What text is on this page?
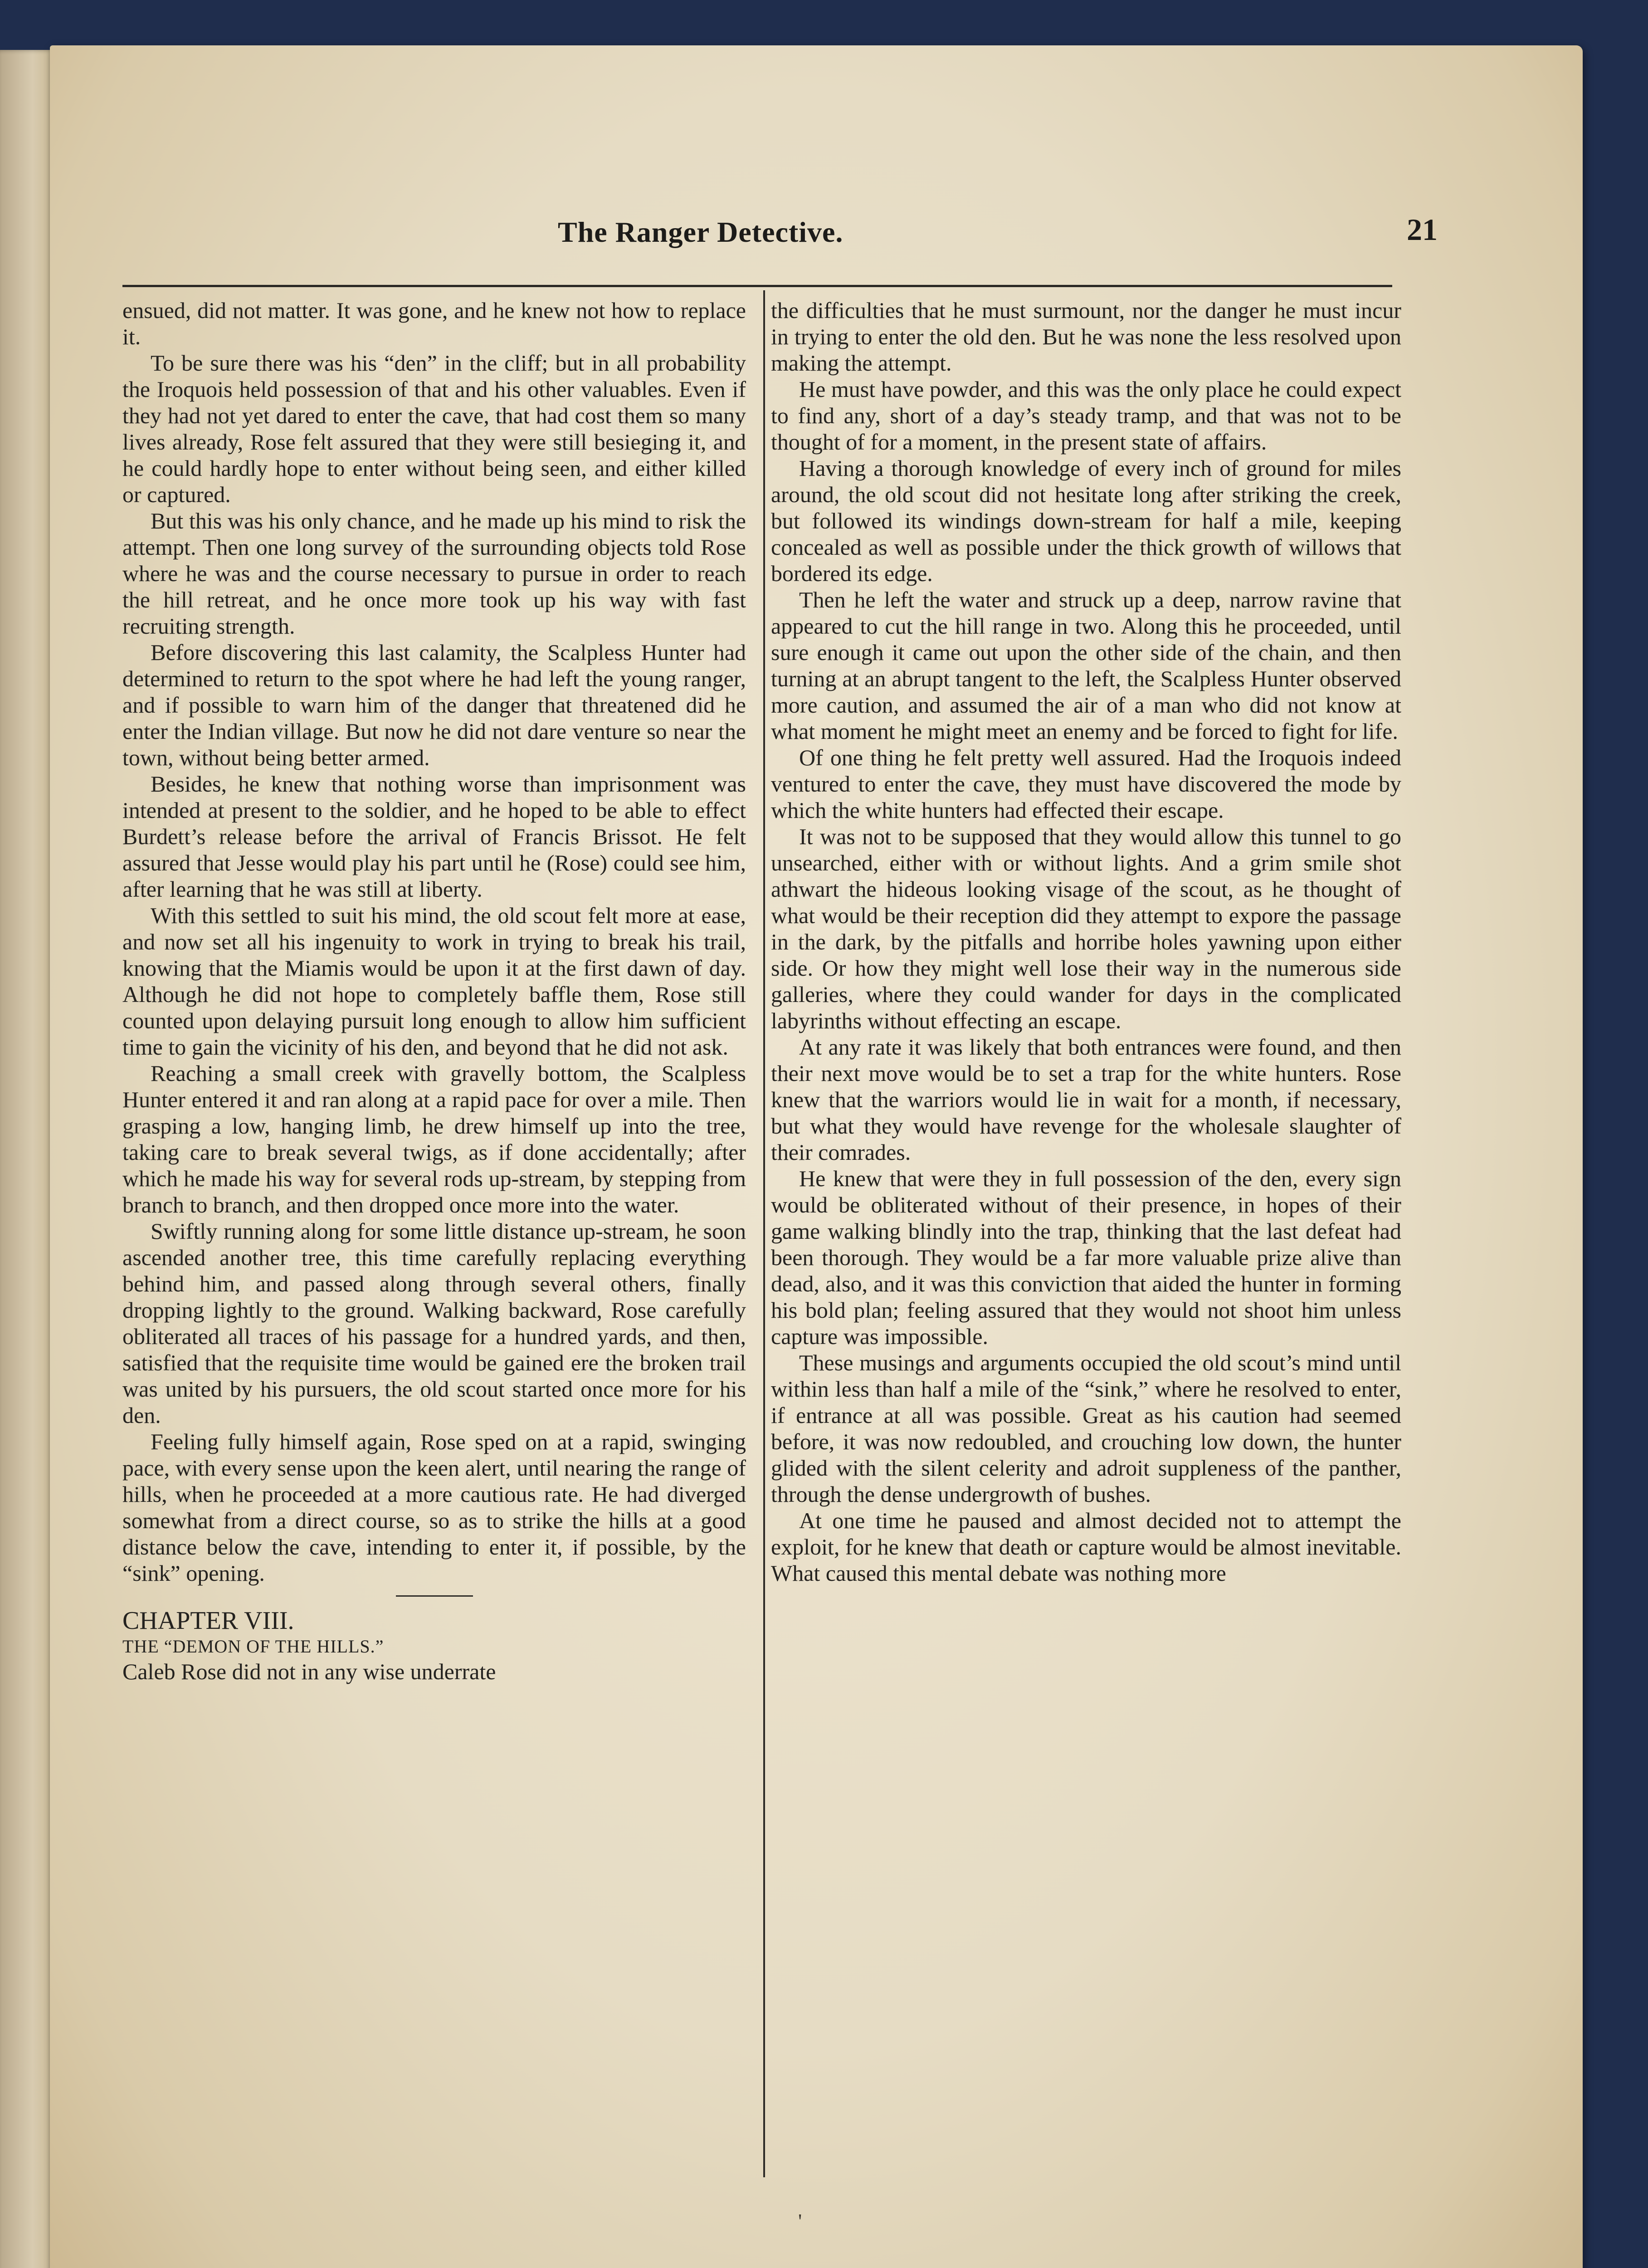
The Ranger Detective.	21

ensued, did not matter. It was gone, and he knew not how to replace it.

To be sure there was his “den” in the cliff; but in all probability the Iroquois held possession of that and his other valuables. Even if they had not yet dared to enter the cave, that had cost them so many lives already, Rose felt assured that they were still besieging it, and he could hardly hope to enter without being seen, and either killed or captured.

But this was his only chance, and he made up his mind to risk the attempt. Then one long survey of the surrounding objects told Rose where he was and the course necessary to pursue in order to reach the hill retreat, and he once more took up his way with fast recruiting strength.

Before discovering this last calamity, the Scalpless Hunter had determined to return to the spot where he had left the young ranger, and if possible to warn him of the danger that threatened did he enter the Indian village. But now he did not dare venture so near the town, without being better armed.

Besides, he knew that nothing worse than imprisonment was intended at present to the soldier, and he hoped to be able to effect Burdett’s release before the arrival of Francis Brissot. He felt assured that Jesse would play his part until he (Rose) could see him, after learning that he was still at liberty.

With this settled to suit his mind, the old scout felt more at ease, and now set all his ingenuity to work in trying to break his trail, knowing that the Miamis would be upon it at the first dawn of day. Although he did not hope to completely baffle them, Rose still counted upon delaying pursuit long enough to allow him sufficient time to gain the vicinity of his den, and beyond that he did not ask.

Reaching a small creek with gravelly bottom, the Scalpless Hunter entered it and ran along at a rapid pace for over a mile. Then grasping a low, hanging limb, he drew himself up into the tree, taking care to break several twigs, as if done accidentally; after which he made his way for several rods up-stream, by stepping from branch to branch, and then dropped once more into the water.

Swiftly running along for some little distance up-stream, he soon ascended another tree, this time carefully replacing everything behind him, and passed along through several others, finally dropping lightly to the ground. Walking backward, Rose carefully obliterated all traces of his passage for a hundred yards, and then, satisfied that the requisite time would be gained ere the broken trail was united by his pursuers, the old scout started once more for his den.

Feeling fully himself again, Rose sped on at a rapid, swinging pace, with every sense upon the keen alert, until nearing the range of hills, when he proceeded at a more cautious rate. He had diverged somewhat from a direct course, so as to strike the hills at a good distance below the cave, intending to enter it, if possible, by the “sink” opening.

CHAPTER VIII.

THE “DEMON OF THE HILLS.”

Caleb Rose did not in any wise underrate

the difficulties that he must surmount, nor the danger he must incur in trying to enter the old den. But he was none the less resolved upon making the attempt.

He must have powder, and this was the only place he could expect to find any, short of a day’s steady tramp, and that was not to be thought of for a moment, in the present state of affairs.

Having a thorough knowledge of every inch of ground for miles around, the old scout did not hesitate long after striking the creek, but followed its windings down-stream for half a mile, keeping concealed as well as possible under the thick growth of willows that bordered its edge.

Then he left the water and struck up a deep, narrow ravine that appeared to cut the hill range in two. Along this he proceeded, until sure enough it came out upon the other side of the chain, and then turning at an abrupt tangent to the left, the Scalpless Hunter observed more caution, and assumed the air of a man who did not know at what moment he might meet an enemy and be forced to fight for life.

Of one thing he felt pretty well assured. Had the Iroquois indeed ventured to enter the cave, they must have discovered the mode by which the white hunters had effected their escape.

It was not to be supposed that they would allow this tunnel to go unsearched, either with or without lights. And a grim smile shot athwart the hideous looking visage of the scout, as he thought of what would be their reception did they attempt to expore the passage in the dark, by the pitfalls and horribe holes yawning upon either side. Or how they might well lose their way in the numerous side galleries, where they could wander for days in the complicated labyrinths without effecting an escape.

At any rate it was likely that both entrances were found, and then their next move would be to set a trap for the white hunters. Rose knew that the warriors would lie in wait for a month, if necessary, but what they would have revenge for the wholesale slaughter of their comrades.

He knew that were they in full possession of the den, every sign would be obliterated without of their presence, in hopes of their game walking blindly into the trap, thinking that the last defeat had been thorough. They would be a far more valuable prize alive than dead, also, and it was this conviction that aided the hunter in forming his bold plan; feeling assured that they would not shoot him unless capture was impossible.

These musings and arguments occupied the old scout’s mind until within less than half a mile of the “sink,” where he resolved to enter, if entrance at all was possible. Great as his caution had seemed before, it was now redoubled, and crouching low down, the hunter glided with the silent celerity and adroit suppleness of the panther, through the dense undergrowth of bushes.

At one time he paused and almost decided not to attempt the exploit, for he knew that death or capture would be almost inevitable. What caused this mental debate was nothing more

'
